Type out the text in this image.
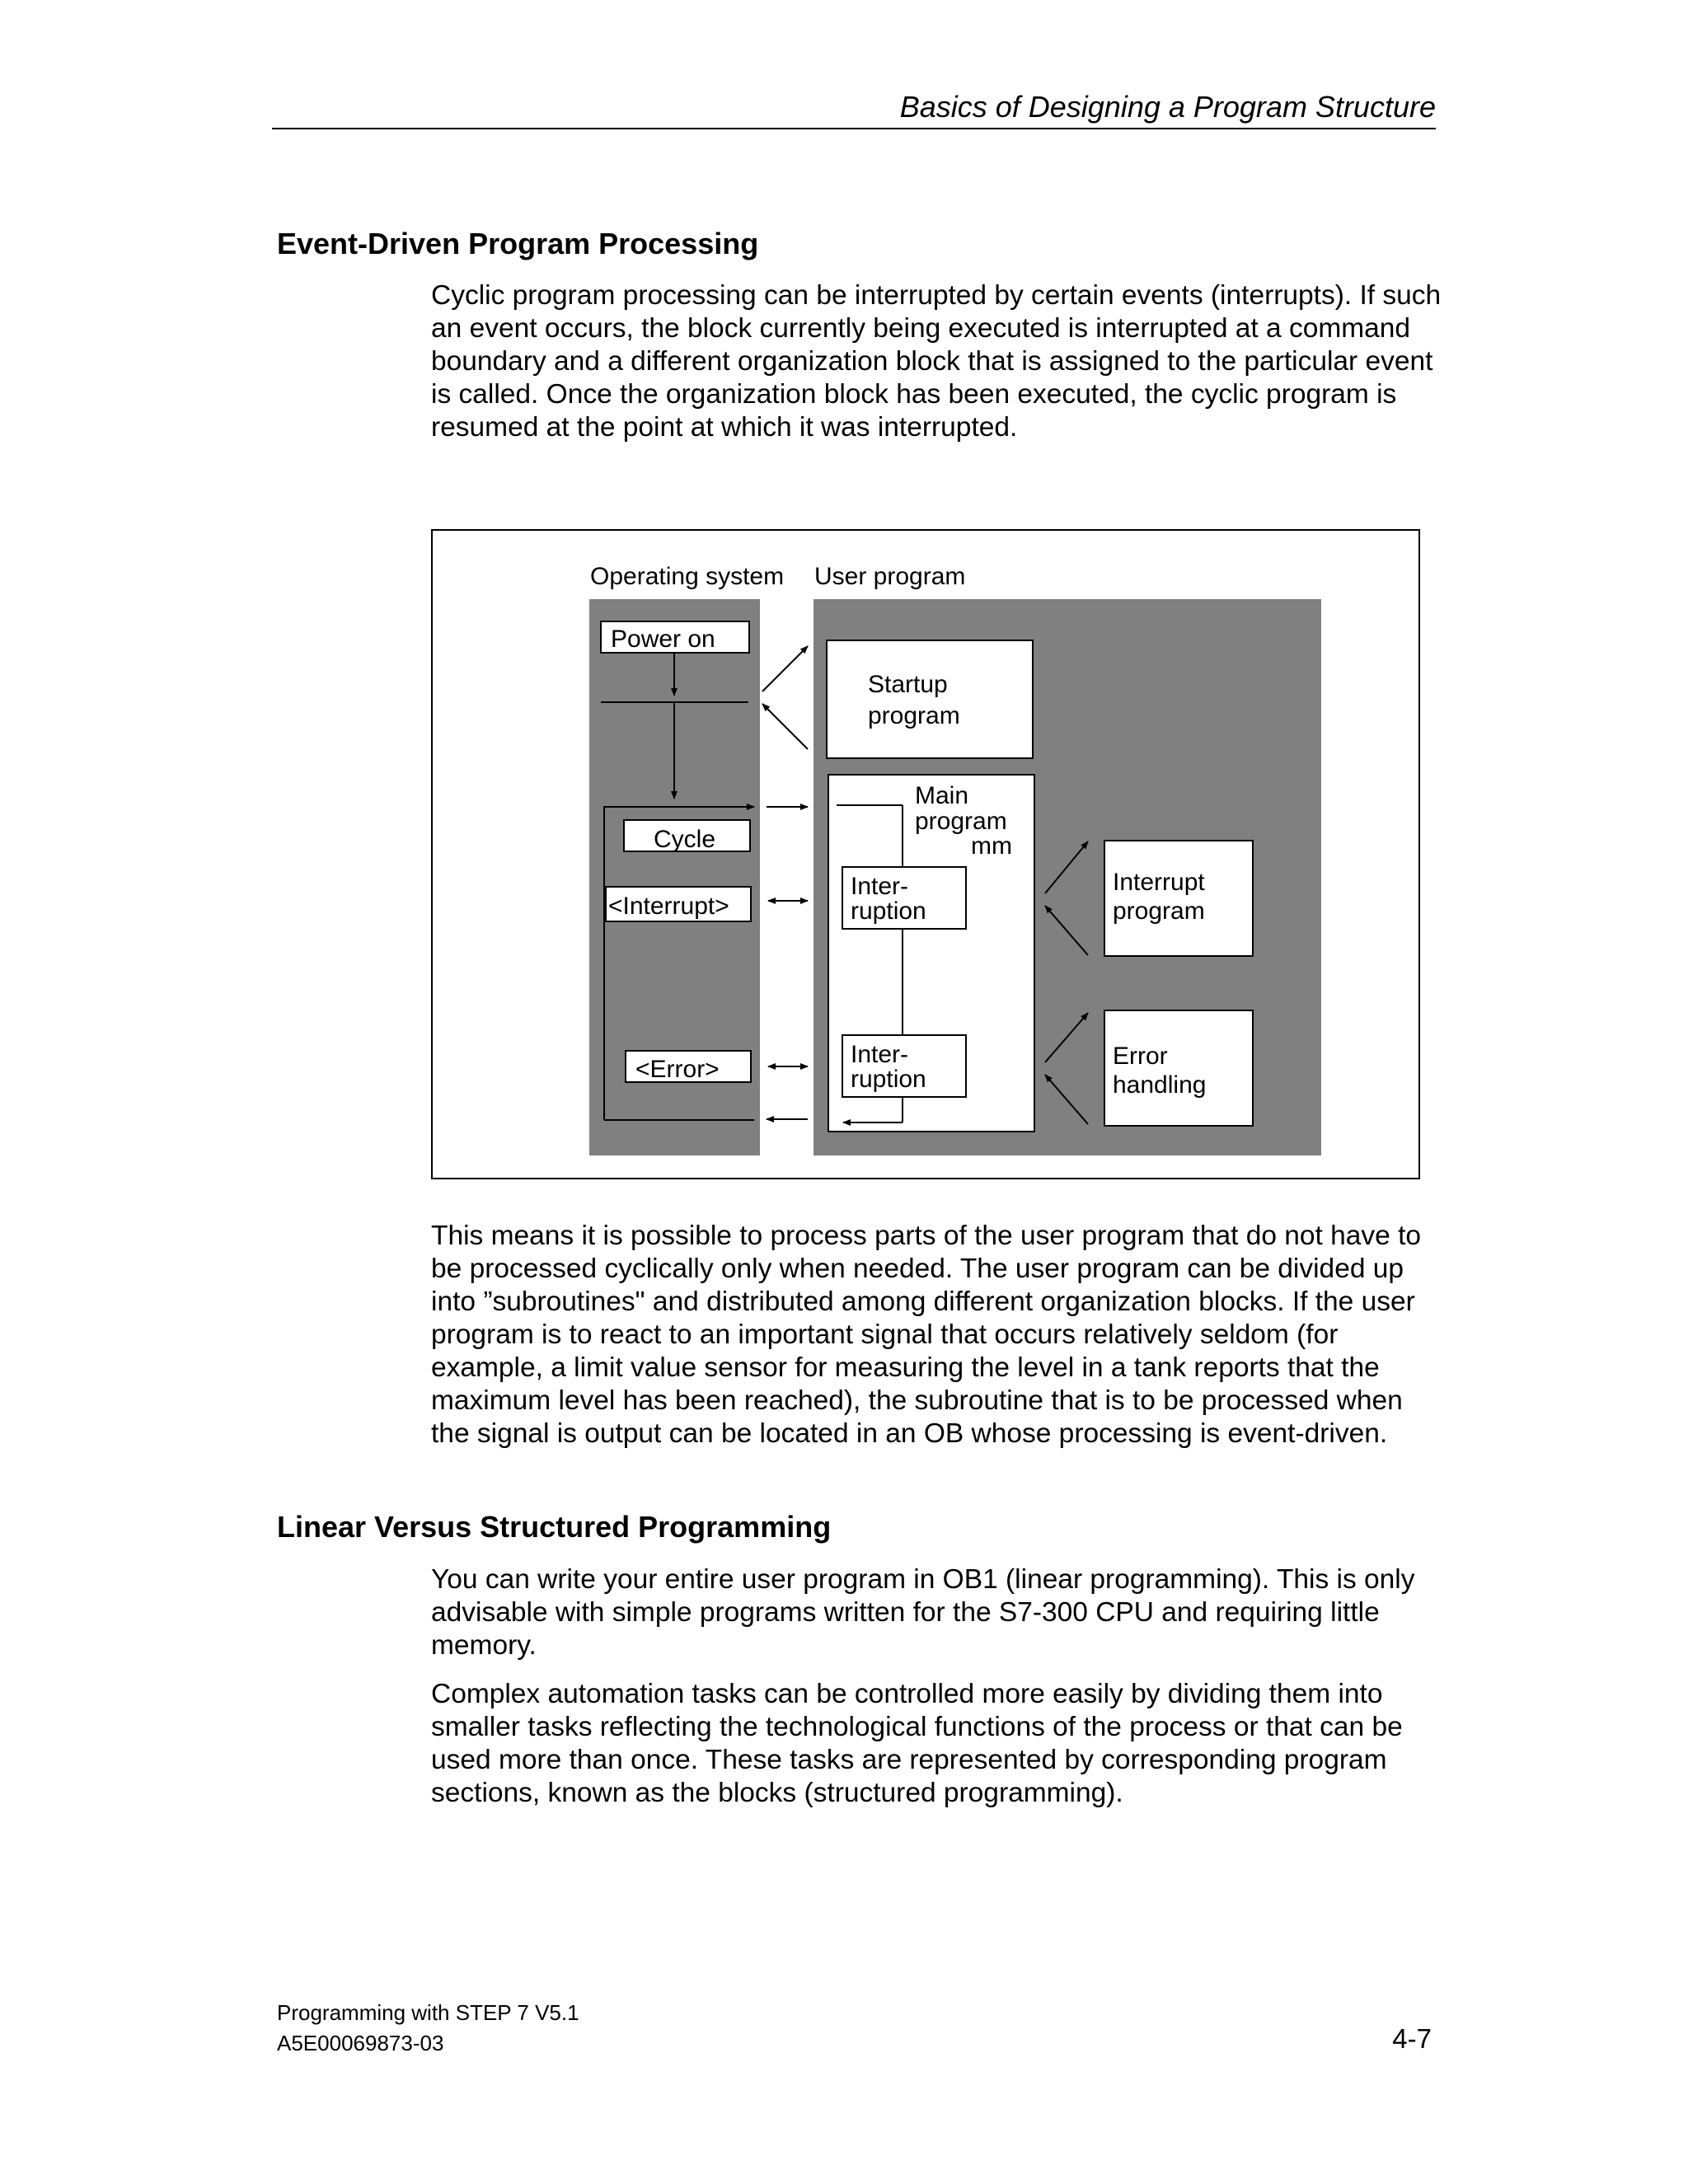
Basics of Designing a Program Structure
Event-Driven Program Processing

Cyclic program processing can be interrupted by certain events (interrupts). If such an event occurs, the block currently being executed is interrupted at a command boundary and a different organization block that is assigned to the particular event is called. Once the organization block has been executed, the cyclic program is resumed at the point at which it was interrupted.

Operating system User program
Power on
Cycle
<Interrupt>
<Error>
Startup
program
Main
program
mm
Inter-
ruption
Inter-
ruption
Interrupt
program
Error
handling

This means it is possible to process parts of the user program that do not have to be processed cyclically only when needed. The user program can be divided up into ”subroutines" and distributed among different organization blocks. If the user program is to react to an important signal that occurs relatively seldom (for example, a limit value sensor for measuring the level in a tank reports that the maximum level has been reached), the subroutine that is to be processed when the signal is output can be located in an OB whose processing is event-driven.

Linear Versus Structured Programming

You can write your entire user program in OB1 (linear programming). This is only advisable with simple programs written for the S7-300 CPU and requiring little memory.

Complex automation tasks can be controlled more easily by dividing them into smaller tasks reflecting the technological functions of the process or that can be used more than once. These tasks are represented by corresponding program sections, known as the blocks (structured programming).

Programming with STEP 7 V5.1
A5E00069873-03	4-7
